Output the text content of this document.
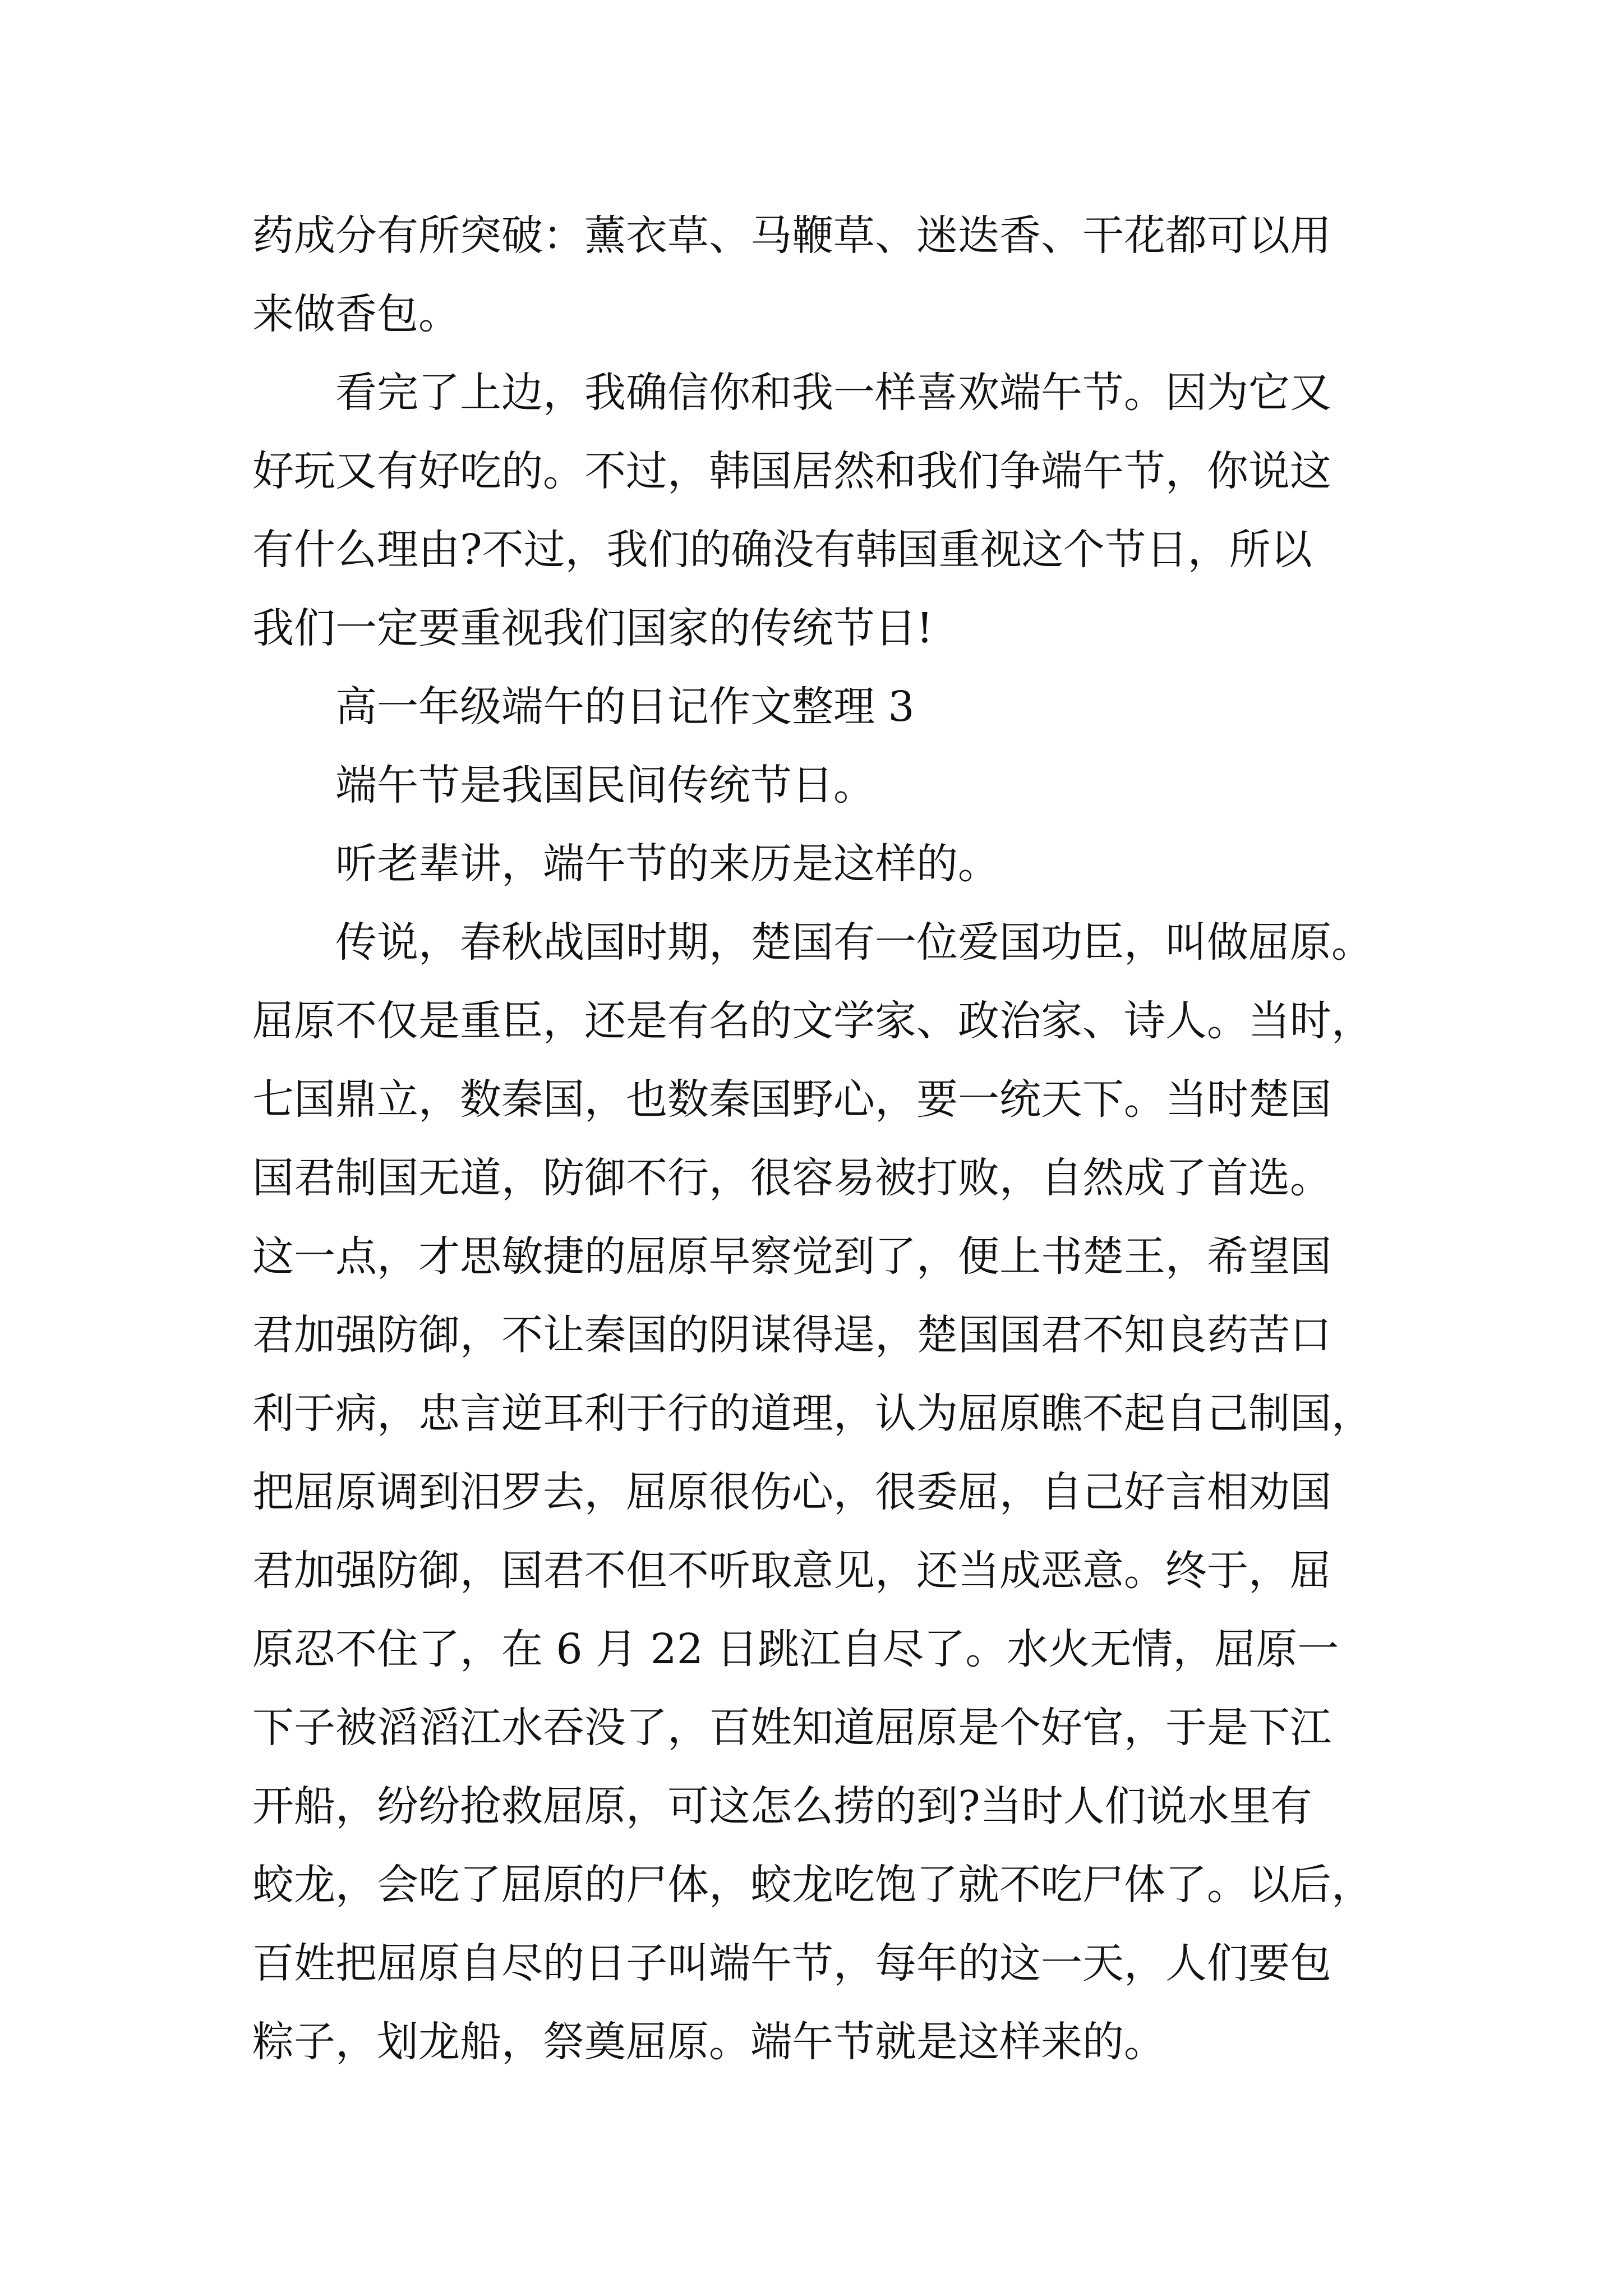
药成分有所突破：薰衣草、马鞭草、迷迭香、干花都可以用
来做香包。
看完了上边，我确信你和我一样喜欢端午节。因为它又
好玩又有好吃的。不过，韩国居然和我们争端午节，你说这
有什么理由?不过，我们的确没有韩国重视这个节日，所以
我们一定要重视我们国家的传统节日!
高一年级端午的日记作文整理 3
端午节是我国民间传统节日。
听老辈讲，端午节的来历是这样的。
传说，春秋战国时期，楚国有一位爱国功臣，叫做屈原。
屈原不仅是重臣，还是有名的文学家、政治家、诗人。当时，
七国鼎立，数秦国，也数秦国野心，要一统天下。当时楚国
国君制国无道，防御不行，很容易被打败，自然成了首选。
这一点，才思敏捷的屈原早察觉到了，便上书楚王，希望国
君加强防御，不让秦国的阴谋得逞，楚国国君不知良药苦口
利于病，忠言逆耳利于行的道理，认为屈原瞧不起自己制国，
把屈原调到汨罗去，屈原很伤心，很委屈，自己好言相劝国
君加强防御，国君不但不听取意见，还当成恶意。终于，屈
原忍不住了，在 6 月 22 日跳江自尽了。水火无情，屈原一
下子被滔滔江水吞没了，百姓知道屈原是个好官，于是下江
开船，纷纷抢救屈原，可这怎么捞的到?当时人们说水里有
蛟龙，会吃了屈原的尸体，蛟龙吃饱了就不吃尸体了。以后，
百姓把屈原自尽的日子叫端午节，每年的这一天，人们要包
粽子，划龙船，祭奠屈原。端午节就是这样来的。
